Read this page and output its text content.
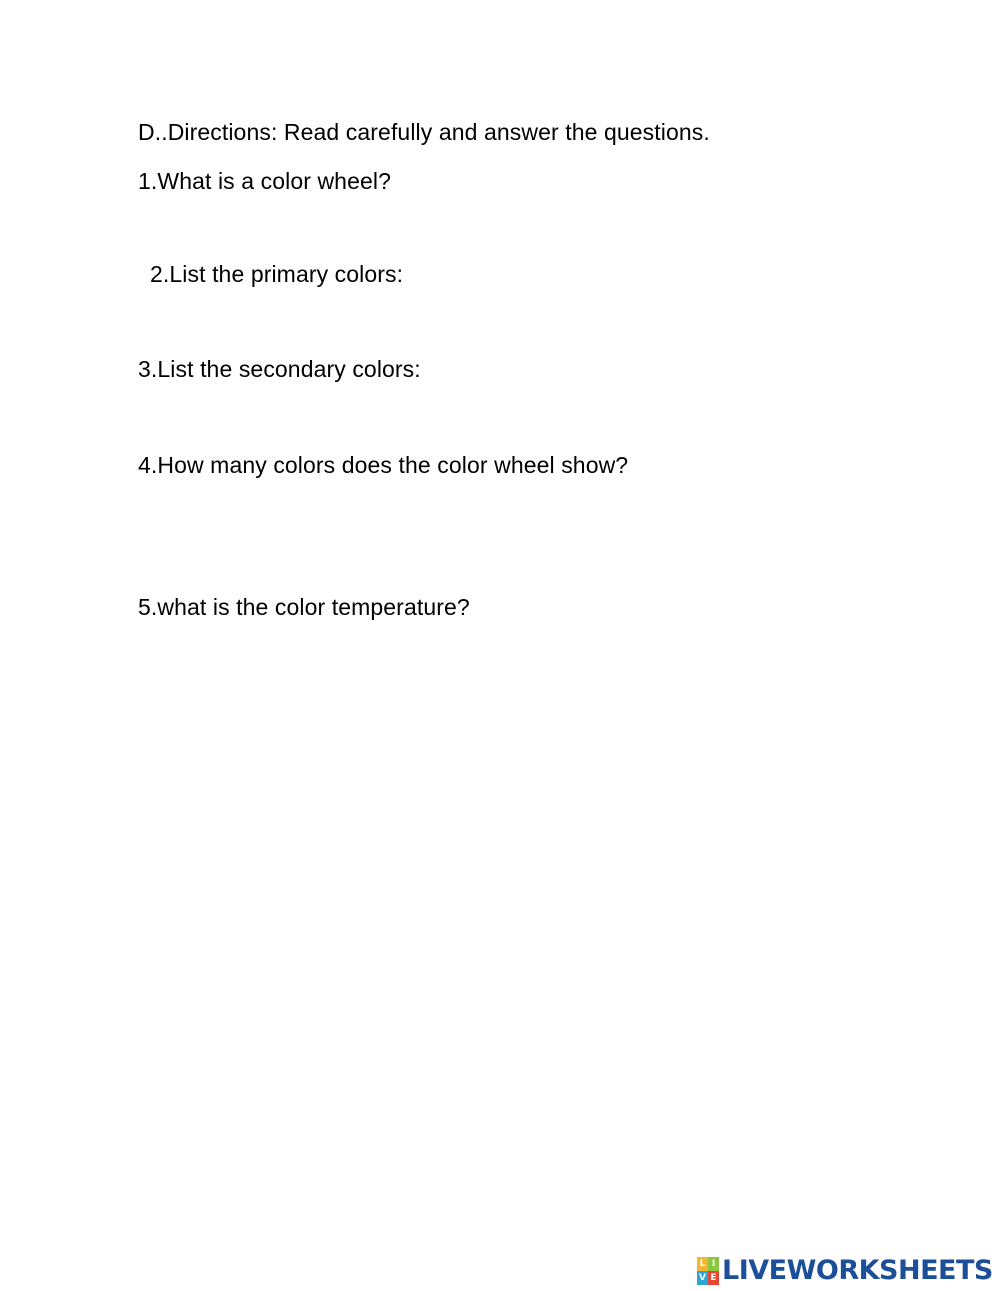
D..Directions: Read carefully and answer the questions.
1.What is a color wheel?
2.List the primary colors:
3.List the secondary colors:
4.How many colors does the color wheel show?
5.what is the color temperature?
L I
V E LIVEWORKSHEETS
